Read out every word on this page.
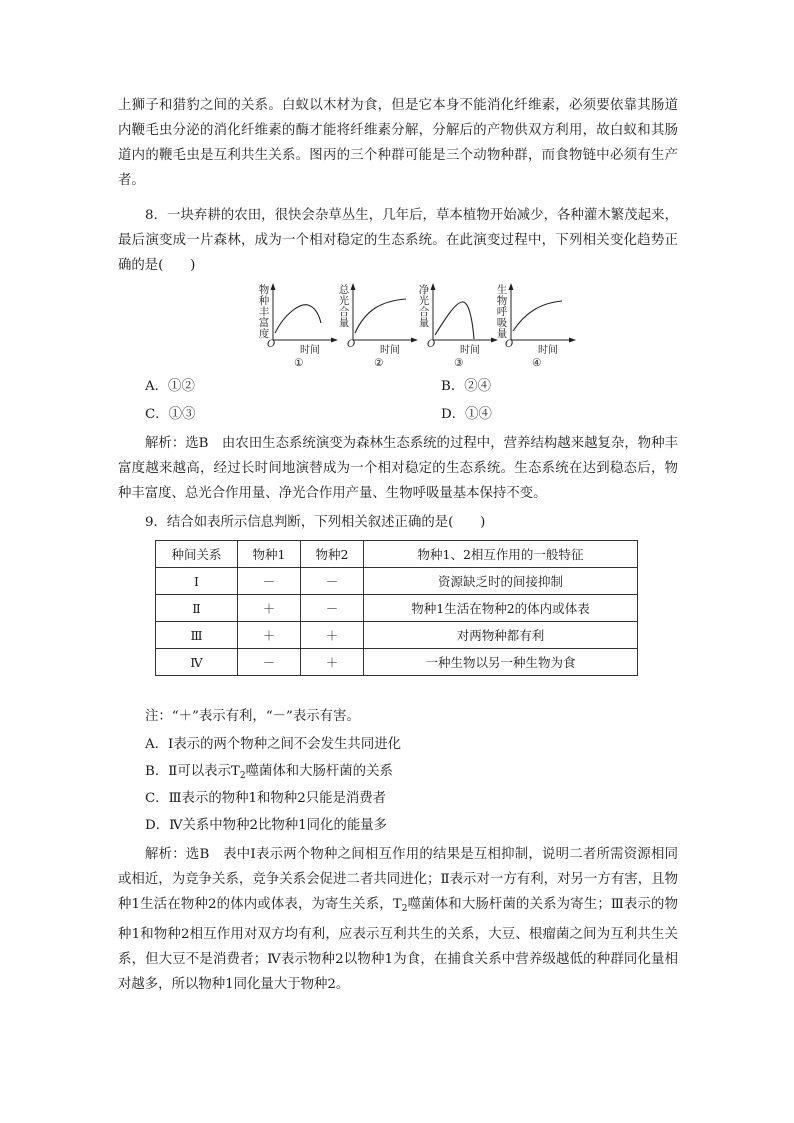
上狮子和猎豹之间的关系。白蚁以木材为食，但是它本身不能消化纤维素，必须要依靠其肠道内鞭毛虫分泌的消化纤维素的酶才能将纤维素分解，分解后的产物供双方利用，故白蚁和其肠道内的鞭毛虫是互利共生关系。图丙的三个种群可能是三个动物种群，而食物链中必须有生产者。

8．一块弃耕的农田，很快会杂草丛生，几年后，草本植物开始减少，各种灌木繁茂起来，最后演变成一片森林，成为一个相对稳定的生态系统。在此演变过程中，下列相关变化趋势正确的是(　　)

物种丰富度
O
时间
①
总光合量
O
时间
②
净光合量
O
时间
③
生物呼吸量
O
时间
④
A．①②	B．②④
C．①③	D．①④

解析：选B　由农田生态系统演变为森林生态系统的过程中，营养结构越来越复杂，物种丰富度越来越高，经过长时间地演替成为一个相对稳定的生态系统。生态系统在达到稳态后，物种丰富度、总光合作用量、净光合作用产量、生物呼吸量基本保持不变。

9．结合如表所示信息判断，下列相关叙述正确的是(　　)
种间关系	物种1	物种2	物种1、2相互作用的一般特征
Ⅰ	－	－	资源缺乏时的间接抑制
Ⅱ	＋	－	物种1生活在物种2的体内或体表
Ⅲ	＋	＋	对两物种都有利
Ⅳ	－	＋	一种生物以另一种生物为食
注：“＋”表示有利，“－”表示有害。
A．Ⅰ表示的两个物种之间不会发生共同进化
B．Ⅱ可以表示$T_2$噬菌体和大肠杆菌的关系
C．Ⅲ表示的物种1和物种2只能是消费者
D．Ⅳ关系中物种2比物种1同化的能量多

解析：选B　表中Ⅰ表示两个物种之间相互作用的结果是互相抑制，说明二者所需资源相同或相近，为竞争关系，竞争关系会促进二者共同进化；Ⅱ表示对一方有利，对另一方有害，且物种1生活在物种2的体内或体表，为寄生关系，$T_2$噬菌体和大肠杆菌的关系为寄生；Ⅲ表示的物种1和物种2相互作用对双方均有利，应表示互利共生的关系，大豆、根瘤菌之间为互利共生关系，但大豆不是消费者；Ⅳ表示物种2以物种1为食，在捕食关系中营养级越低的种群同化量相对越多，所以物种1同化量大于物种2。
